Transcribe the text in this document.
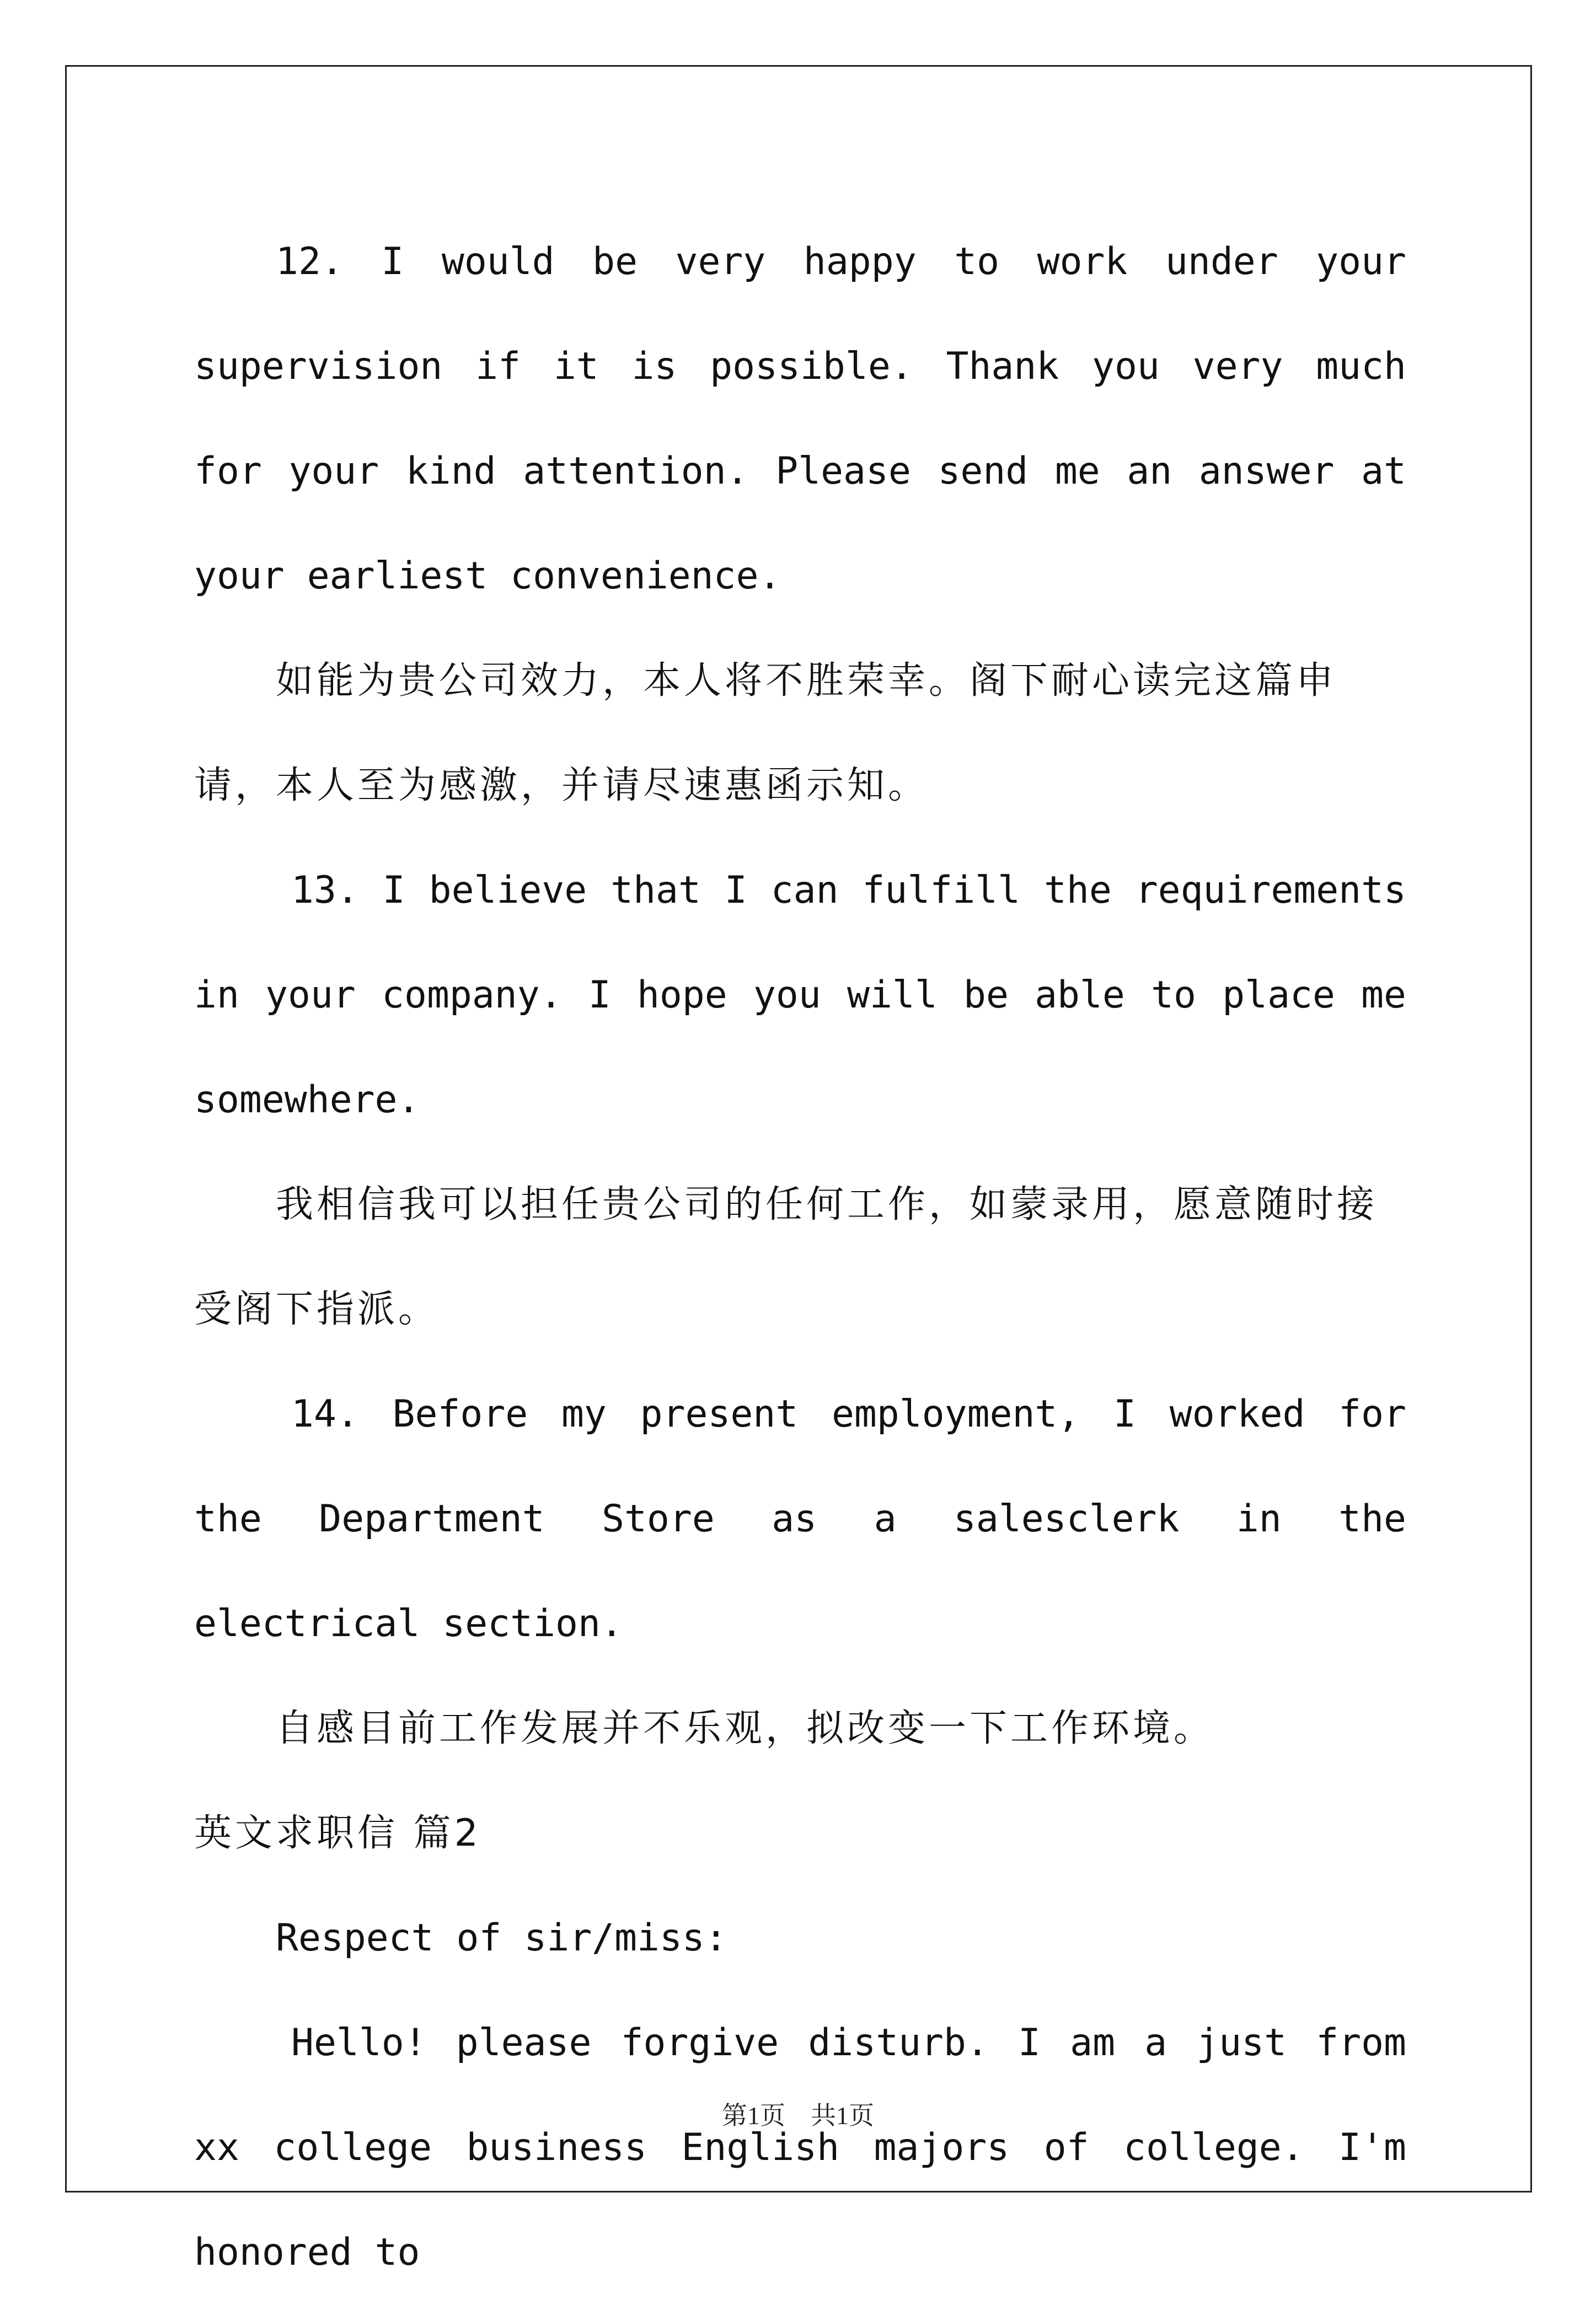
12. I would be very happy to work under your supervision if it is possible. Thank you very much for your kind attention. Please send me an answer at your earliest convenience.

如能为贵公司效力，本人将不胜荣幸。阁下耐心读完这篇申请，本人至为感激，并请尽速惠函示知。

13. I believe that I can fulfill the requirements in your company. I hope you will be able to place me somewhere.

我相信我可以担任贵公司的任何工作，如蒙录用，愿意随时接受阁下指派。

14. Before my present employment, I worked for the Department Store as a salesclerk in the electrical section.

自感目前工作发展并不乐观，拟改变一下工作环境。

英文求职信 篇2

Respect of sir/miss:

Hello! please forgive disturb. I am a just from xx college business English majors of college. I'm honored to

第1页　共1页
